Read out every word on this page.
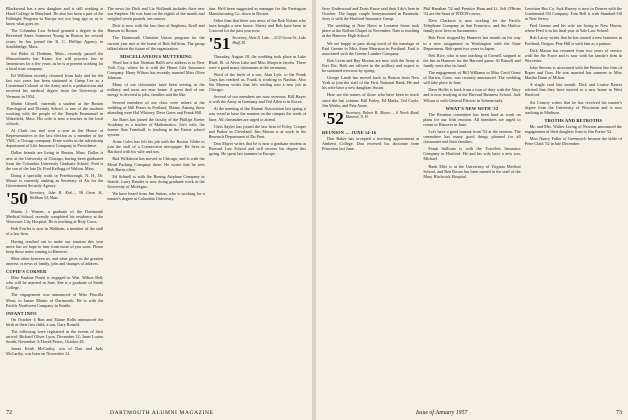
Blackwood has a new daughter and is still working at Hood College in Maryland. He also has been a part of the Fulbright Program in Europe not too long ago so as to know what goes on.

The Columbia Law School granted a degree to the Reverend Ames Somerset Young in Boston for several years; he has joined the R. C. Phillips Agency in Southbridge, Mass.

Joe Rider of Denham, Mass., recently passed the Massachusetts bar Exam. Joe will practice law in Jamestown for a few years, as he is at present working for a local trust company.

Ed Williams recently returned from Italy and for the last two years has been stationed at Camp Lee as a Lieutenant Colonel of the Army and is a pediatrician and received his medical degree from the University of Vermont in 1954.

Martin Glenell, currently a student at the Boston Theological and Divinity School, is one of the students working with the people of the Temple Emmanuel in Wakefield, Mass. His wife is now a teacher in the local schools.

Al Clark ran and won a seat in the House of Representatives in the last election as a member of the VMC, a Chicago company. Ernie works in the advertising department of Life Insurance Company in Providence.

Dallas friends are living in Boston, Mass. Dallas is new at the University of Chicago, having been graduated from the Columbia University Graduate School. Fred is the son of the late Dr. Fred Kellogg of Walton, Mass.

Doing a specialty work in Peterborough, N. H., Dr. Moore is currently ranking as Secretary of Air for the Government Security Agency.

'50 Secretary, John H. Kirk..., 58 Green St., Waltham 54, Mass.

Martin J. Warren, a graduate of the Dartmouth Medical School, recently completed his residency at the Worcester City Hospital. He is teaching at Holy Cross.

Bob Fowler is now in Waltham, a member of the staff of a law firm.

Having reached out to make our reunion this year more fun we hope to hear from more of you soon. Please keep those notes coming to Hanover.

Most often between us, and what gives us the greatest interest, is news of family, jobs and changes of address.

CUPID'S CORNER

Miss Pauline Pruett is engaged to Wm. Wilton Bell, who will be married in June. She is a graduate of Smith College.

The engagement was announced of Miss Priscilla Moor, to James Martin of Dartmouth. He is with the Pacific Northwest Company in Seattle.

INFANT INFO

On October 4 Ron and Elaine Rollo announced the birth of their first child, a son, Gary Ronald.

The following were registered in the events of their arrival: Richard Oliver Lyon, December 12; Janet Louise Smith, November 3; David Peters, October 28.

James Keith McCarthy, son of Dan and Judy McCarthy, was born on November 14.

The news for Dick and Liz Hollands includes their new son Stephen. He was born on the eighth of the month and weighed seven pounds, ten ounces.

Dick is now with the law firm of Stephens, Kroll and Hanson in Boston.

The Dartmouth Christian Union program for the current year met at the home of Bob Sullivan. The group talked about the future of the organization.

MISCELLANEOUS MUTTERING

Word has it that Norman Hall's new address is in New York City, where he is with the Home Life Insurance Company. Harry Wilson has recently married Miss Olive Johnson.

Many of our classmates have been serving in the military, and most are now home. A great deal of our energy is devoted to jobs, families and the like.

Several members of our class were ushers at the wedding of Bill Peters in Portland, Maine. Among those attending were Hal Whitney, Dave Gates and Frank Hill.

Joe Bates has joined the faculty of the Phillips Exeter Academy as a teacher of Mathematics. Joe's wife, the former Ann Trumbull, is teaching in the Exeter school system.

Arnie Coles has left his job with the Boston Globe to join the staff of a Connecticut newspaper. He lives in Hartford with his wife and son.

Bud Wilkinson has moved to Chicago, and is with the Mead Packing Company there. He writes that he sees Bob Burns often.

Ed Schnell is with the Boeing Airplane Company in Seattle. Larry Bender is now doing graduate work at the University of Michigan.

We have heard from Jim Sutton, who is working for a master's degree at Columbia University.

tion. He'd been suggested as manager for the Farrington Manufacturing Co. down in Boston.

Other than that there was news of the Bob Nolans who have bought a new house. Sherry and Bob have been in Concord for the past year now.

'51 Secretary, Alvin N. Lake..., 2133 Grove St., Lake Bluff, Ill.

Thursday, August 18, the wedding took place in Lake Bluff, Ill. of Alvin Lake and Miss Marjorie Jacobs. There were a good many classmates at the ceremony.

Word of the birth of a son, Alan Lyle, to the Frank Guys has reached us. Frank is working in Nashua. Also Stu Moreau writes that he's settling into a new job in Chicago.

Several of our members are now overseas. Bill Hayes is with the Army in Germany and Ted Allen is in Korea.

At the meeting of the Alumni Association last spring it was voted to have the reunion on the campus the week of June. All classmates are urged to attend.

Chris Sayles has joined the law firm of Foley, Cooper and Parker in Cleveland. Jim Mason is at work in the Research Department of Du Pont.

Don Mayer writes that he is now a graduate student at Harvard Law School and will receive his degree this spring. He spent last summer in Europe.

72	DARTMOUTH ALUMNI MAGAZINE

Jerry Underwood and Doris Kruse said their I do's here in October. The happy couple honeymooned in Bermuda. Jerry is with the Hartford Insurance Group.

The wedding of Nate Haws to Lorraine Stone took place at the Rollins Chapel in November. Nate is teaching at the Hanover High School.

We are happy to pass along word of the marriage of Paul Greene to Miss Anne Morrison in Portland. Paul is associated with the Greene Lumber Company.

Bob Levin and Ray Morton are now with the Army at Fort Dix. Both are officers in the artillery and expect to be stationed overseas by spring.

George Lamb has moved back to Boston from New York to join the staff of the First National Bank. He and his wife have a new daughter, Susan.

Here are the names of those who have been in touch since the last column: Bill Farley, Ed Marks, Ted Coyle, Jim Weeks, and Pete Ames.

'52 Secretary, Robert B. Moore..., 6 North Road, Hanover, N. H.
REUNION — JUNE 14-16

Don Baker has accepted a teaching appointment at Amherst College. Don received his doctorate from Princeton last June.

Phil Hanahan '52 and Prentice Hunt and Lt. Jeff O'Brien '52 are the heart of WDCR's news.

Dave Clarkson is now working for the Pacific Telephone Company in San Francisco, and the Harlow family now lives in Sacramento.

Bob Frost stopped by Hanover last month on his way to a new assignment in Washington with the State Department. Bob spent two years in Japan.

Neil Rice, who is now teaching at Cornell, stopped at the Inn in Hanover for the Harvard game. Al Russell and family were also on hand.

The engagement of Bill Williams to Miss Carol Grant of Darien, Conn. was recently announced. The wedding will take place in June.

Dave Hollis is back from a tour of duty with the Navy and is now studying at the Harvard Business School. Jack Wilson is with General Electric in Schenectady.

WHAT'S NEW WITH '52

The Reunion committee has been hard at work on plans for our fifth reunion. All members are urged to return to Hanover in June.

Let's have a good turnout from '52 at the reunion. The committee has many good things planned for all classmates and their families.

Frank Sullivan is with the Travelers Insurance Company in Hartford. He and his wife have a new son, Michael.

Hank Ellis is at the University of Virginia Medical School, and Ben Rosen has been named to the staff of the Mary Hitchcock Hospital.

Lewiston Bus Co. Jack Harvey is now in Denver with the Continental Oil Company. Tom Bell is with Standard Oil in New Jersey.

Fred Greene and his wife are living in New Haven, where Fred is in his final year at Yale Law School.

Bob Lacey writes that he has started a new business in Portland, Oregon. Pete Hill is with him as a partner.

Dick Mason has returned from two years of service with the Air Force and is now with his family's firm in Worcester.

John Stevens is associated with the Boston law firm of Ropes and Gray. He was married last summer to Miss Martha Dunn of Milton.

A single card this month: Dick and Louise Baxter advised that they have moved to a new home in West Hartford.

Art Conroy writes that he has received his master's degree from the University of Wisconsin and is now teaching in Madison.

TROTHS AND BETROTHS

Mr. and Mrs. Walter Loring of Newton announced the engagement of their daughter Joan to Jim Porter '52.

Miss Nancy Fuller of Greenwich became the bride of Peter Clark '52 in late December.

Issue of January 1957	73
